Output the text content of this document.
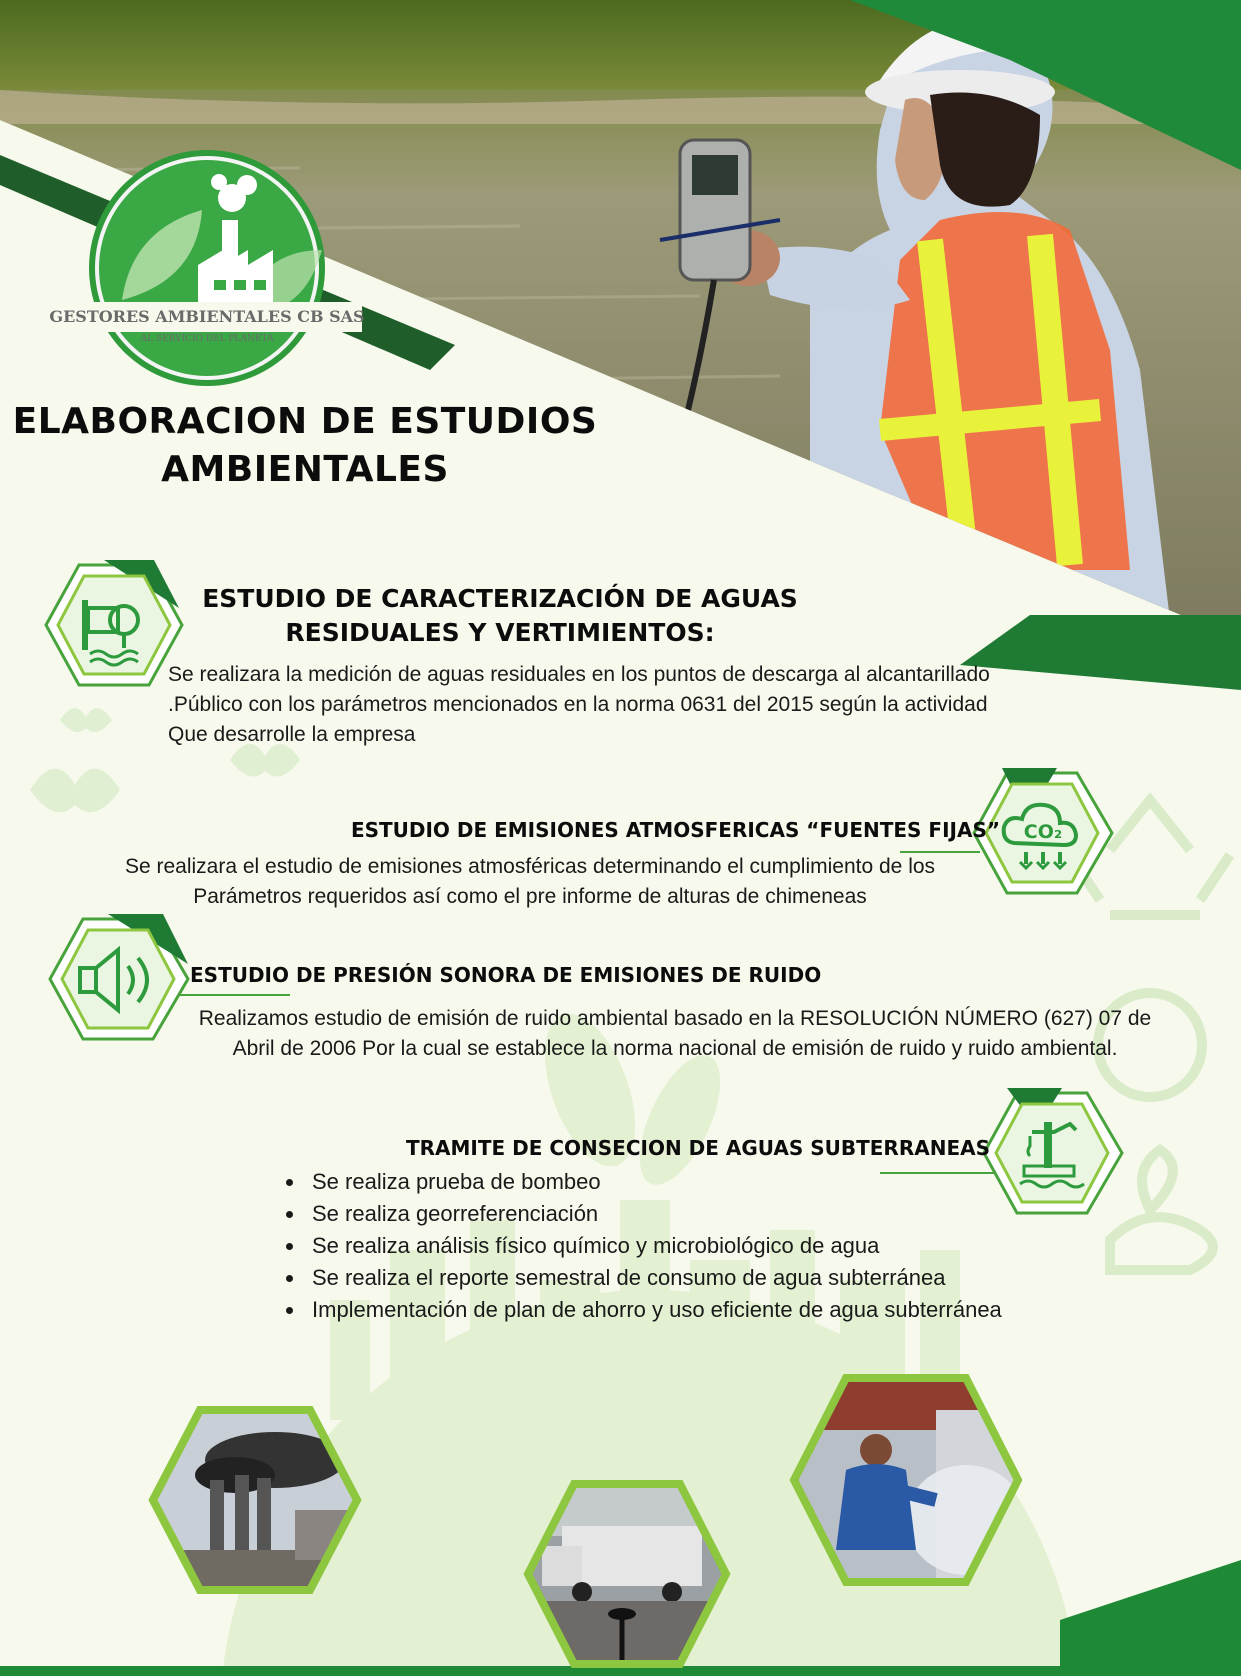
GESTORES AMBIENTALES CB SAS
AL SERVICIO DEL PLANETA
ELABORACION DE ESTUDIOS
AMBIENTALES
ESTUDIO DE CARACTERIZACIÓN DE AGUAS
RESIDUALES Y VERTIMIENTOS:
Se realizara la medición de aguas residuales en los puntos de descarga al alcantarillado
.Público con los parámetros mencionados en la norma 0631 del 2015 según la actividad
Que desarrolle la empresa
CO₂
ESTUDIO DE EMISIONES ATMOSFERICAS “FUENTES FIJAS”
Se realizara el estudio de emisiones atmosféricas determinando el cumplimiento de los
Parámetros requeridos así como el pre informe de alturas de chimeneas
ESTUDIO DE PRESIÓN SONORA DE EMISIONES DE RUIDO
Realizamos estudio de emisión de ruido ambiental basado en la RESOLUCIÓN NÚMERO (627) 07 de
Abril de 2006 Por la cual se establece la norma nacional de emisión de ruido y ruido ambiental.
TRAMITE DE CONSECION DE AGUAS SUBTERRANEAS
• Se realiza prueba de bombeo
• Se realiza georreferenciación
• Se realiza análisis físico químico y microbiológico de agua
• Se realiza el reporte semestral de consumo de agua subterránea
• Implementación de plan de ahorro y uso eficiente de agua subterránea
